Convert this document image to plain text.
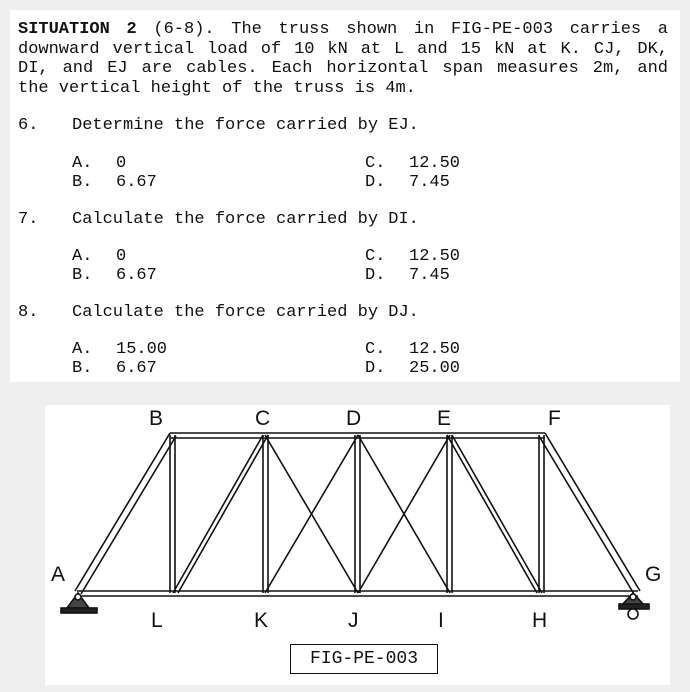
SITUATION 2 (6-8). The truss shown in FIG-PE-003 carries a downward vertical load of 10 kN at L and 15 kN at K. CJ, DK, DI, and EJ are cables. Each horizontal span measures 2m, and the vertical height of the truss is 4m.
6. Determine the force carried by EJ.
A. 0
B. 6.67
C. 12.50
D. 7.45
7. Calculate the force carried by DI.
A. 0
B. 6.67
C. 12.50
D. 7.45
8. Calculate the force carried by DJ.
A. 15.00
B. 6.67
C. 12.50
D. 25.00
B	C	D	E	F
L	K	J	I	H
A	G
FIG-PE-003
